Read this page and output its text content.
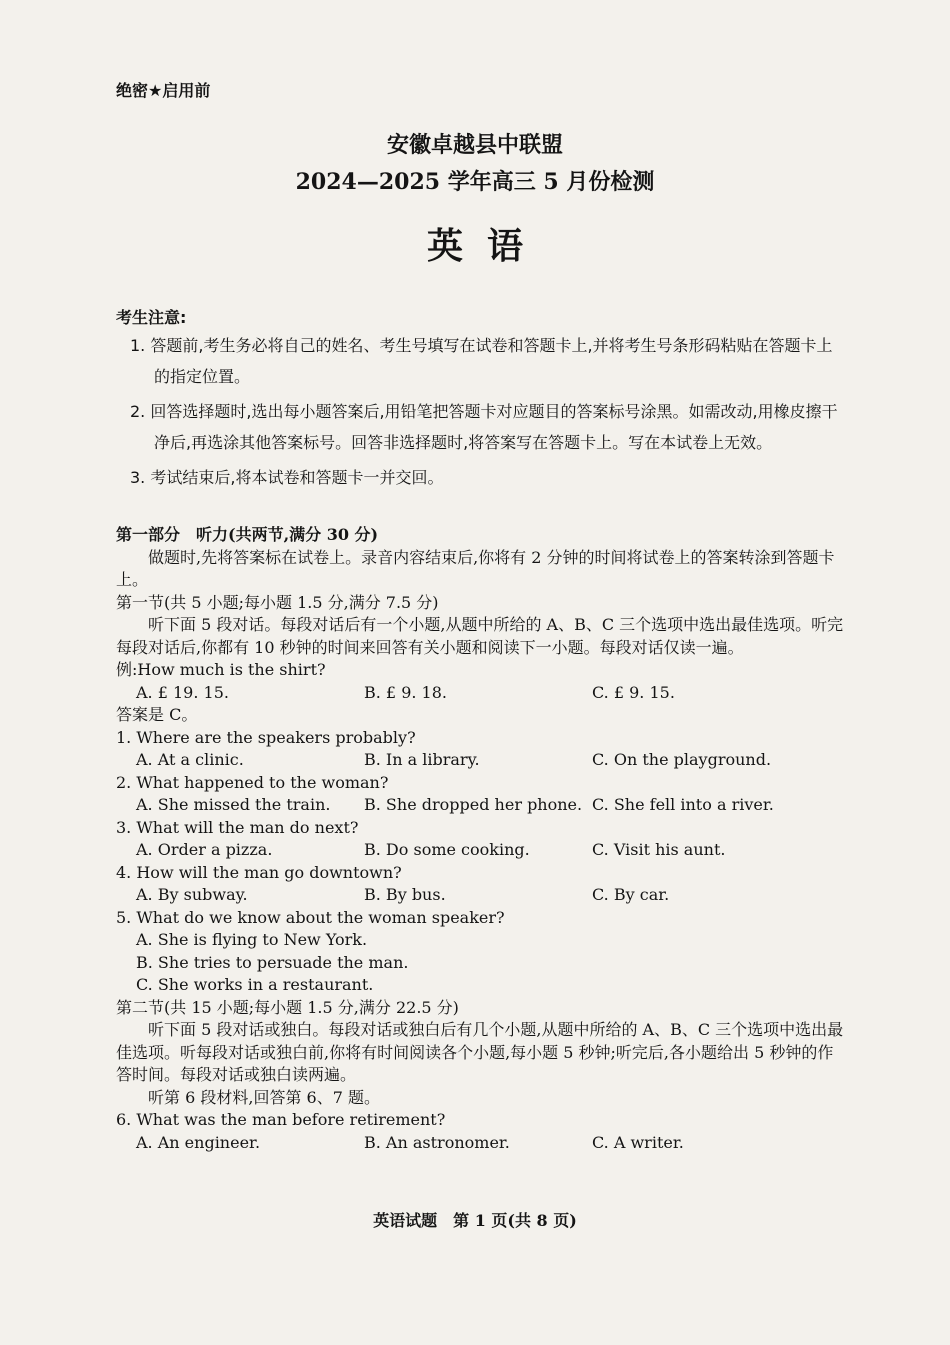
绝密★启用前
安徽卓越县中联盟
2024—2025 学年高三 5 月份检测
英语
考生注意:
1. 答题前,考生务必将自己的姓名、考生号填写在试卷和答题卡上,并将考生号条形码粘贴在答题卡上的指定位置。
2. 回答选择题时,选出每小题答案后,用铅笔把答题卡对应题目的答案标号涂黑。如需改动,用橡皮擦干净后,再选涂其他答案标号。回答非选择题时,将答案写在答题卡上。写在本试卷上无效。
3. 考试结束后,将本试卷和答题卡一并交回。
第一部分　听力(共两节,满分 30 分)
做题时,先将答案标在试卷上。录音内容结束后,你将有 2 分钟的时间将试卷上的答案转涂到答题卡上。
第一节(共 5 小题;每小题 1.5 分,满分 7.5 分)
听下面 5 段对话。每段对话后有一个小题,从题中所给的 A、B、C 三个选项中选出最佳选项。听完每段对话后,你都有 10 秒钟的时间来回答有关小题和阅读下一小题。每段对话仅读一遍。
例:How much is the shirt?
A. £ 19. 15.	B. £ 9. 18.	C. £ 9. 15.
答案是 C。
1. Where are the speakers probably?
A. At a clinic.	B. In a library.	C. On the playground.
2. What happened to the woman?
A. She missed the train.	B. She dropped her phone. C. She fell into a river.
3. What will the man do next?
A. Order a pizza.	B. Do some cooking.	C. Visit his aunt.
4. How will the man go downtown?
A. By subway.	B. By bus.	C. By car.
5. What do we know about the woman speaker?
A. She is flying to New York.
B. She tries to persuade the man.
C. She works in a restaurant.
第二节(共 15 小题;每小题 1.5 分,满分 22.5 分)
听下面 5 段对话或独白。每段对话或独白后有几个小题,从题中所给的 A、B、C 三个选项中选出最佳选项。听每段对话或独白前,你将有时间阅读各个小题,每小题 5 秒钟;听完后,各小题给出 5 秒钟的作答时间。每段对话或独白读两遍。
听第 6 段材料,回答第 6、7 题。
6. What was the man before retirement?
A. An engineer.	B. An astronomer.	C. A writer.
英语试题　第 1 页(共 8 页)
